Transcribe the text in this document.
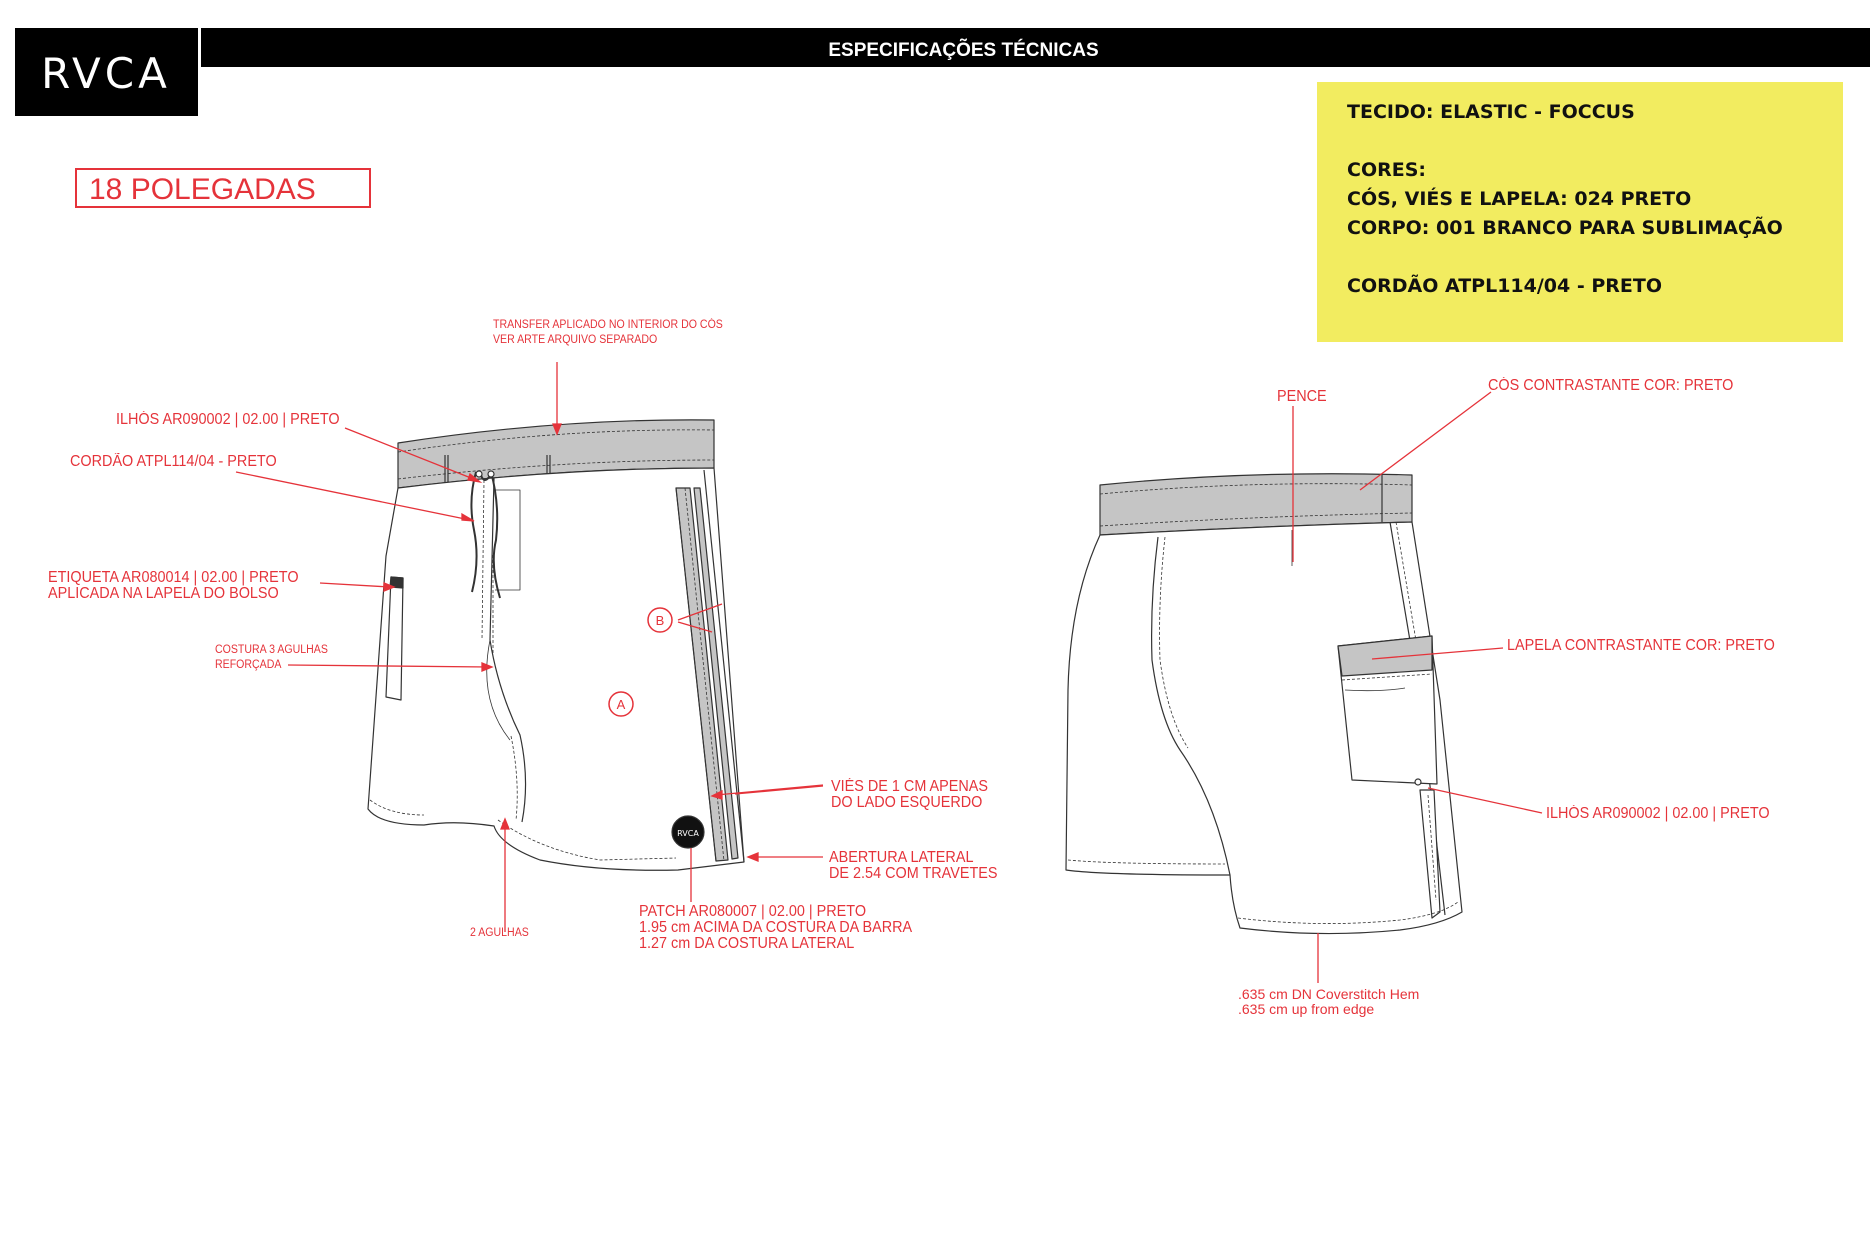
RVCA	ESPECIFICAÇÕES TÉCNICAS
18 POLEGADAS
TECIDO: ELASTIC - FOCCUS
CORES:
CÓS, VIÉS E LAPELA: 024 PRETO
CORPO: 001 BRANCO PARA SUBLIMAÇÃO
CORDÃO ATPL114/04 - PRETO
RVCA
A
B
TRANSFER APLICADO NO INTERIOR DO CÓS
VER ARTE ARQUIVO SEPARADO
ILHÓS AR090002 | 02.00 | PRETO
CORDÃO ATPL114/04 - PRETO
ETIQUETA AR080014 | 02.00 | PRETO
APLICADA NA LAPELA DO BOLSO
COSTURA 3 AGULHAS
REFORÇADA
2 AGULHAS
VIÉS DE 1 CM APENAS
DO LADO ESQUERDO
ABERTURA LATERAL
DE 2.54 COM TRAVETES
PATCH AR080007 | 02.00 | PRETO
1.95 cm ACIMA DA COSTURA DA BARRA
1.27 cm DA COSTURA LATERAL
PENCE
CÓS CONTRASTANTE COR: PRETO
LAPELA CONTRASTANTE COR: PRETO
ILHÓS AR090002 | 02.00 | PRETO
.635 cm DN Coverstitch Hem
.635 cm up from edge
